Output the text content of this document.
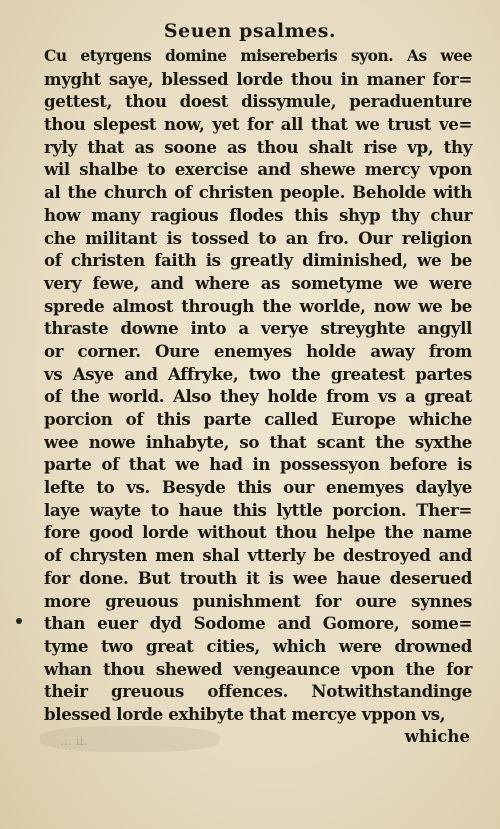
Seuen psalmes.
Cu etyrgens domine misereberis syon. As wee
myght saye, blessed lorde thou in maner for=
gettest, thou doest dissymule, peraduenture
thou slepest now, yet for all that we trust ve=
ryly that as soone as thou shalt rise vp, thy
wil shalbe to exercise and shewe mercy vpon
al the church of christen people. Beholde with
how many ragious flodes this shyp thy chur
che militant is tossed to an fro. Our religion
of christen faith is greatly diminished, we be
very fewe, and where as sometyme we were
sprede almost through the worlde, now we be
thraste downe into a verye streyghte angyll
or corner. Oure enemyes holde away from
vs Asye and Affryke, two the greatest partes
of the world. Also they holde from vs a great
porcion of this parte called Europe whiche
wee nowe inhabyte, so that scant the syxthe
parte of that we had in possessyon before is
lefte to vs. Besyde this our enemyes daylye
laye wayte to haue this lyttle porcion. Ther=
fore good lorde without thou helpe the name
of chrysten men shal vtterly be destroyed and
for done. But trouth it is wee haue deserued
more greuous punishment for oure synnes
than euer dyd Sodome and Gomore, some=
tyme two great cities, which were drowned
whan thou shewed vengeaunce vpon the for
their greuous offences. Notwithstandinge
blessed lorde exhibyte that mercye vppon vs,
… ii.	whiche
